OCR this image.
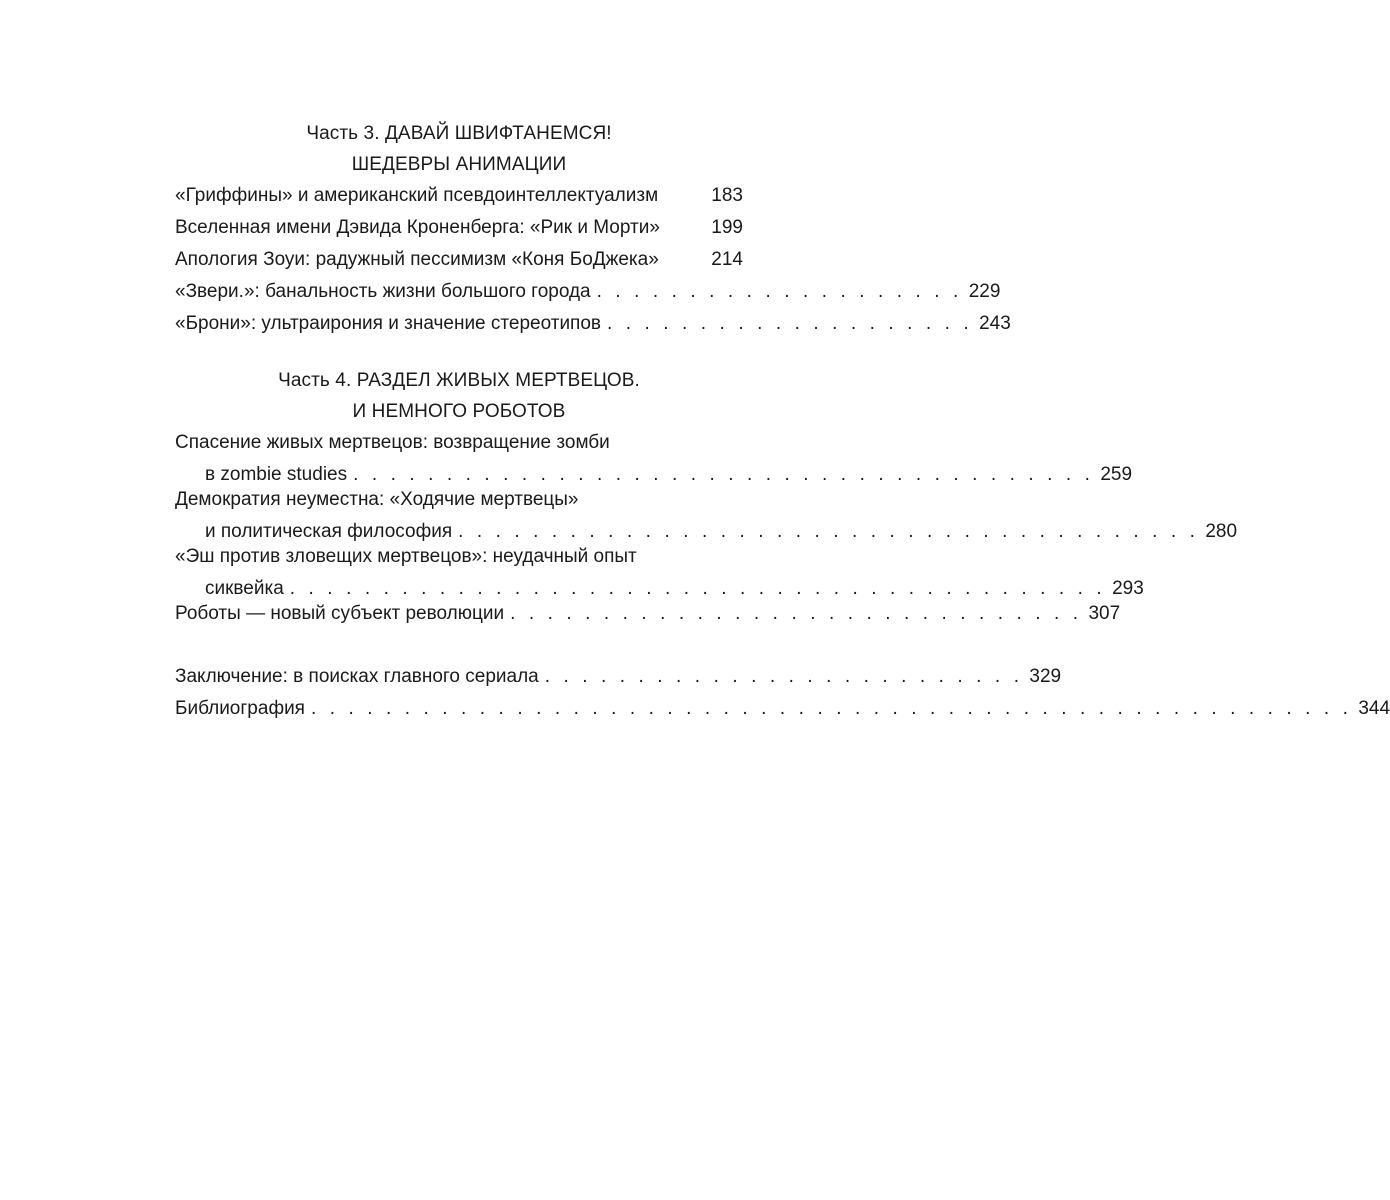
Часть 3. ДАВАЙ ШВИФТАНЕМСЯ!
ШЕДЕВРЫ АНИМАЦИИ
«Гриффины» и американский псевдоинтеллектуализм	183
Вселенная имени Дэвида Кроненберга: «Рик и Морти»	199
Апология Зоуи: радужный пессимизм «Коня БоДжека»	214
«Звери.»: банальность жизни большого города . . . . . . . . . . . . . . . . . . . . 229
«Брони»: ультраирония и значение стереотипов . . . . . . . . . . . . . . . . . . . . 243
Часть 4. РАЗДЕЛ ЖИВЫХ МЕРТВЕЦОВ.
И НЕМНОГО РОБОТОВ
Спасение живых мертвецов: возвращение зомби
в zombie studies . . . . . . . . . . . . . . . . . . . . . . . . . . . . . . . . . . . . . . . . 259
Демократия неуместна: «Ходячие мертвецы»
и политическая философия . . . . . . . . . . . . . . . . . . . . . . . . . . . . . . . . . . . . . . . . 280
«Эш против зловещих мертвецов»: неудачный опыт
сиквейка . . . . . . . . . . . . . . . . . . . . . . . . . . . . . . . . . . . . . . . . . . . . 293
Роботы — новый субъект революции . . . . . . . . . . . . . . . . . . . . . . . . . . . . . . . 307
Заключение: в поисках главного сериала . . . . . . . . . . . . . . . . . . . . . . . . . . 329
Библиография . . . . . . . . . . . . . . . . . . . . . . . . . . . . . . . . . . . . . . . . . . . . . . . . . . . . . . . . 344
